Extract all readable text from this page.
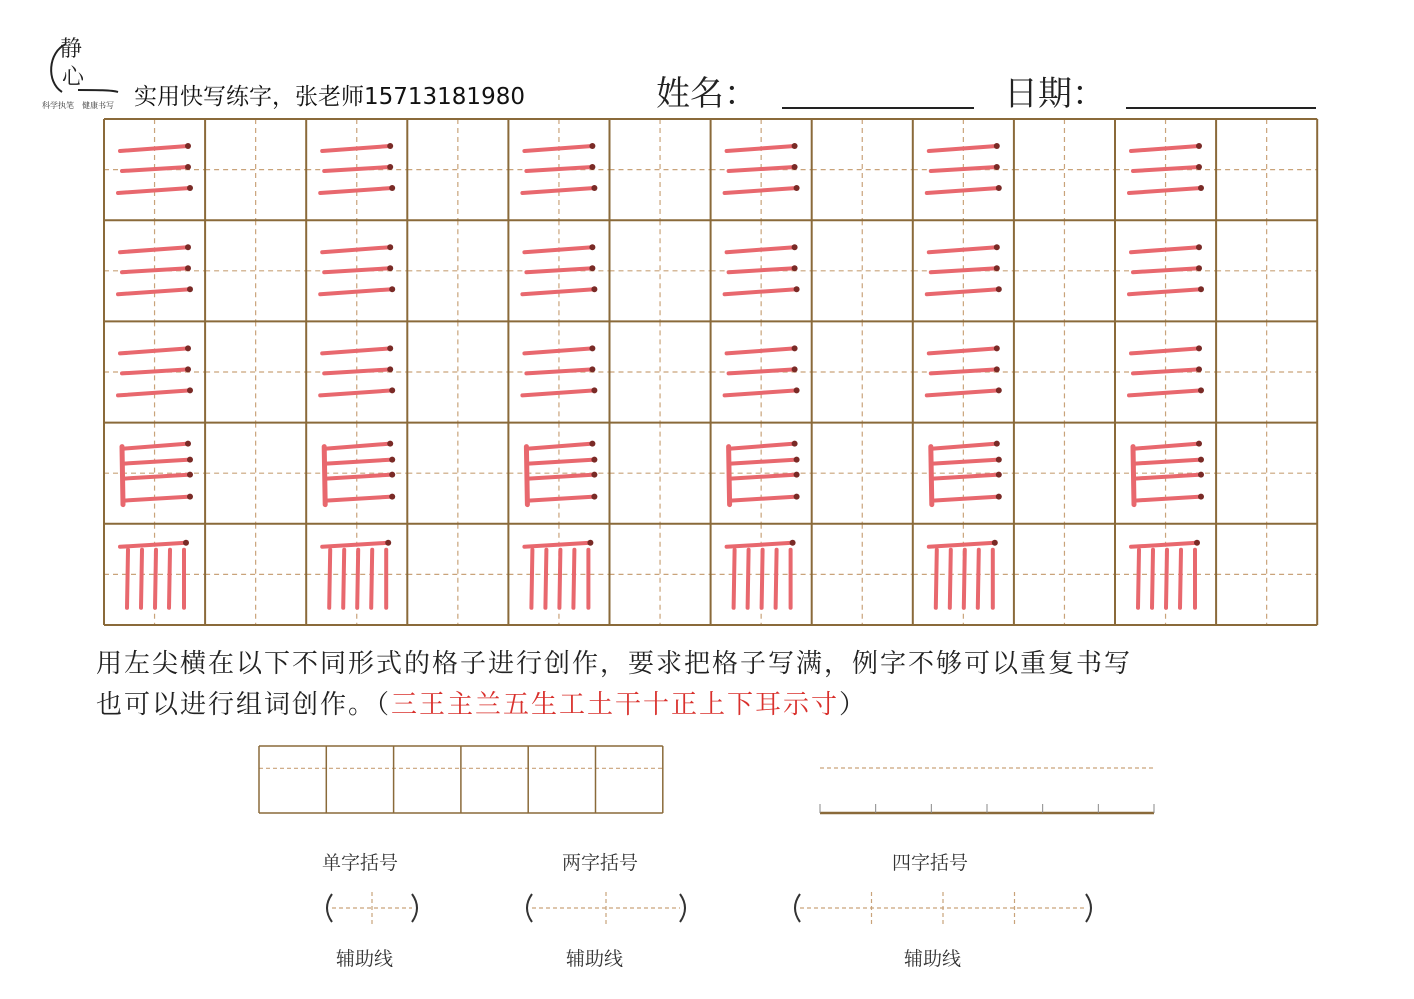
静
心
科学执笔　健康书写 实用快写练字，张老师15713181980	姓名：	日期：
用左尖横在以下不同形式的格子进行创作，要求把格子写满，例字不够可以重复书写
也可以进行组词创作。（三王主兰五生工土干十正上下耳示寸）
单字括号	两字括号	四字括号
辅助线	辅助线	辅助线
